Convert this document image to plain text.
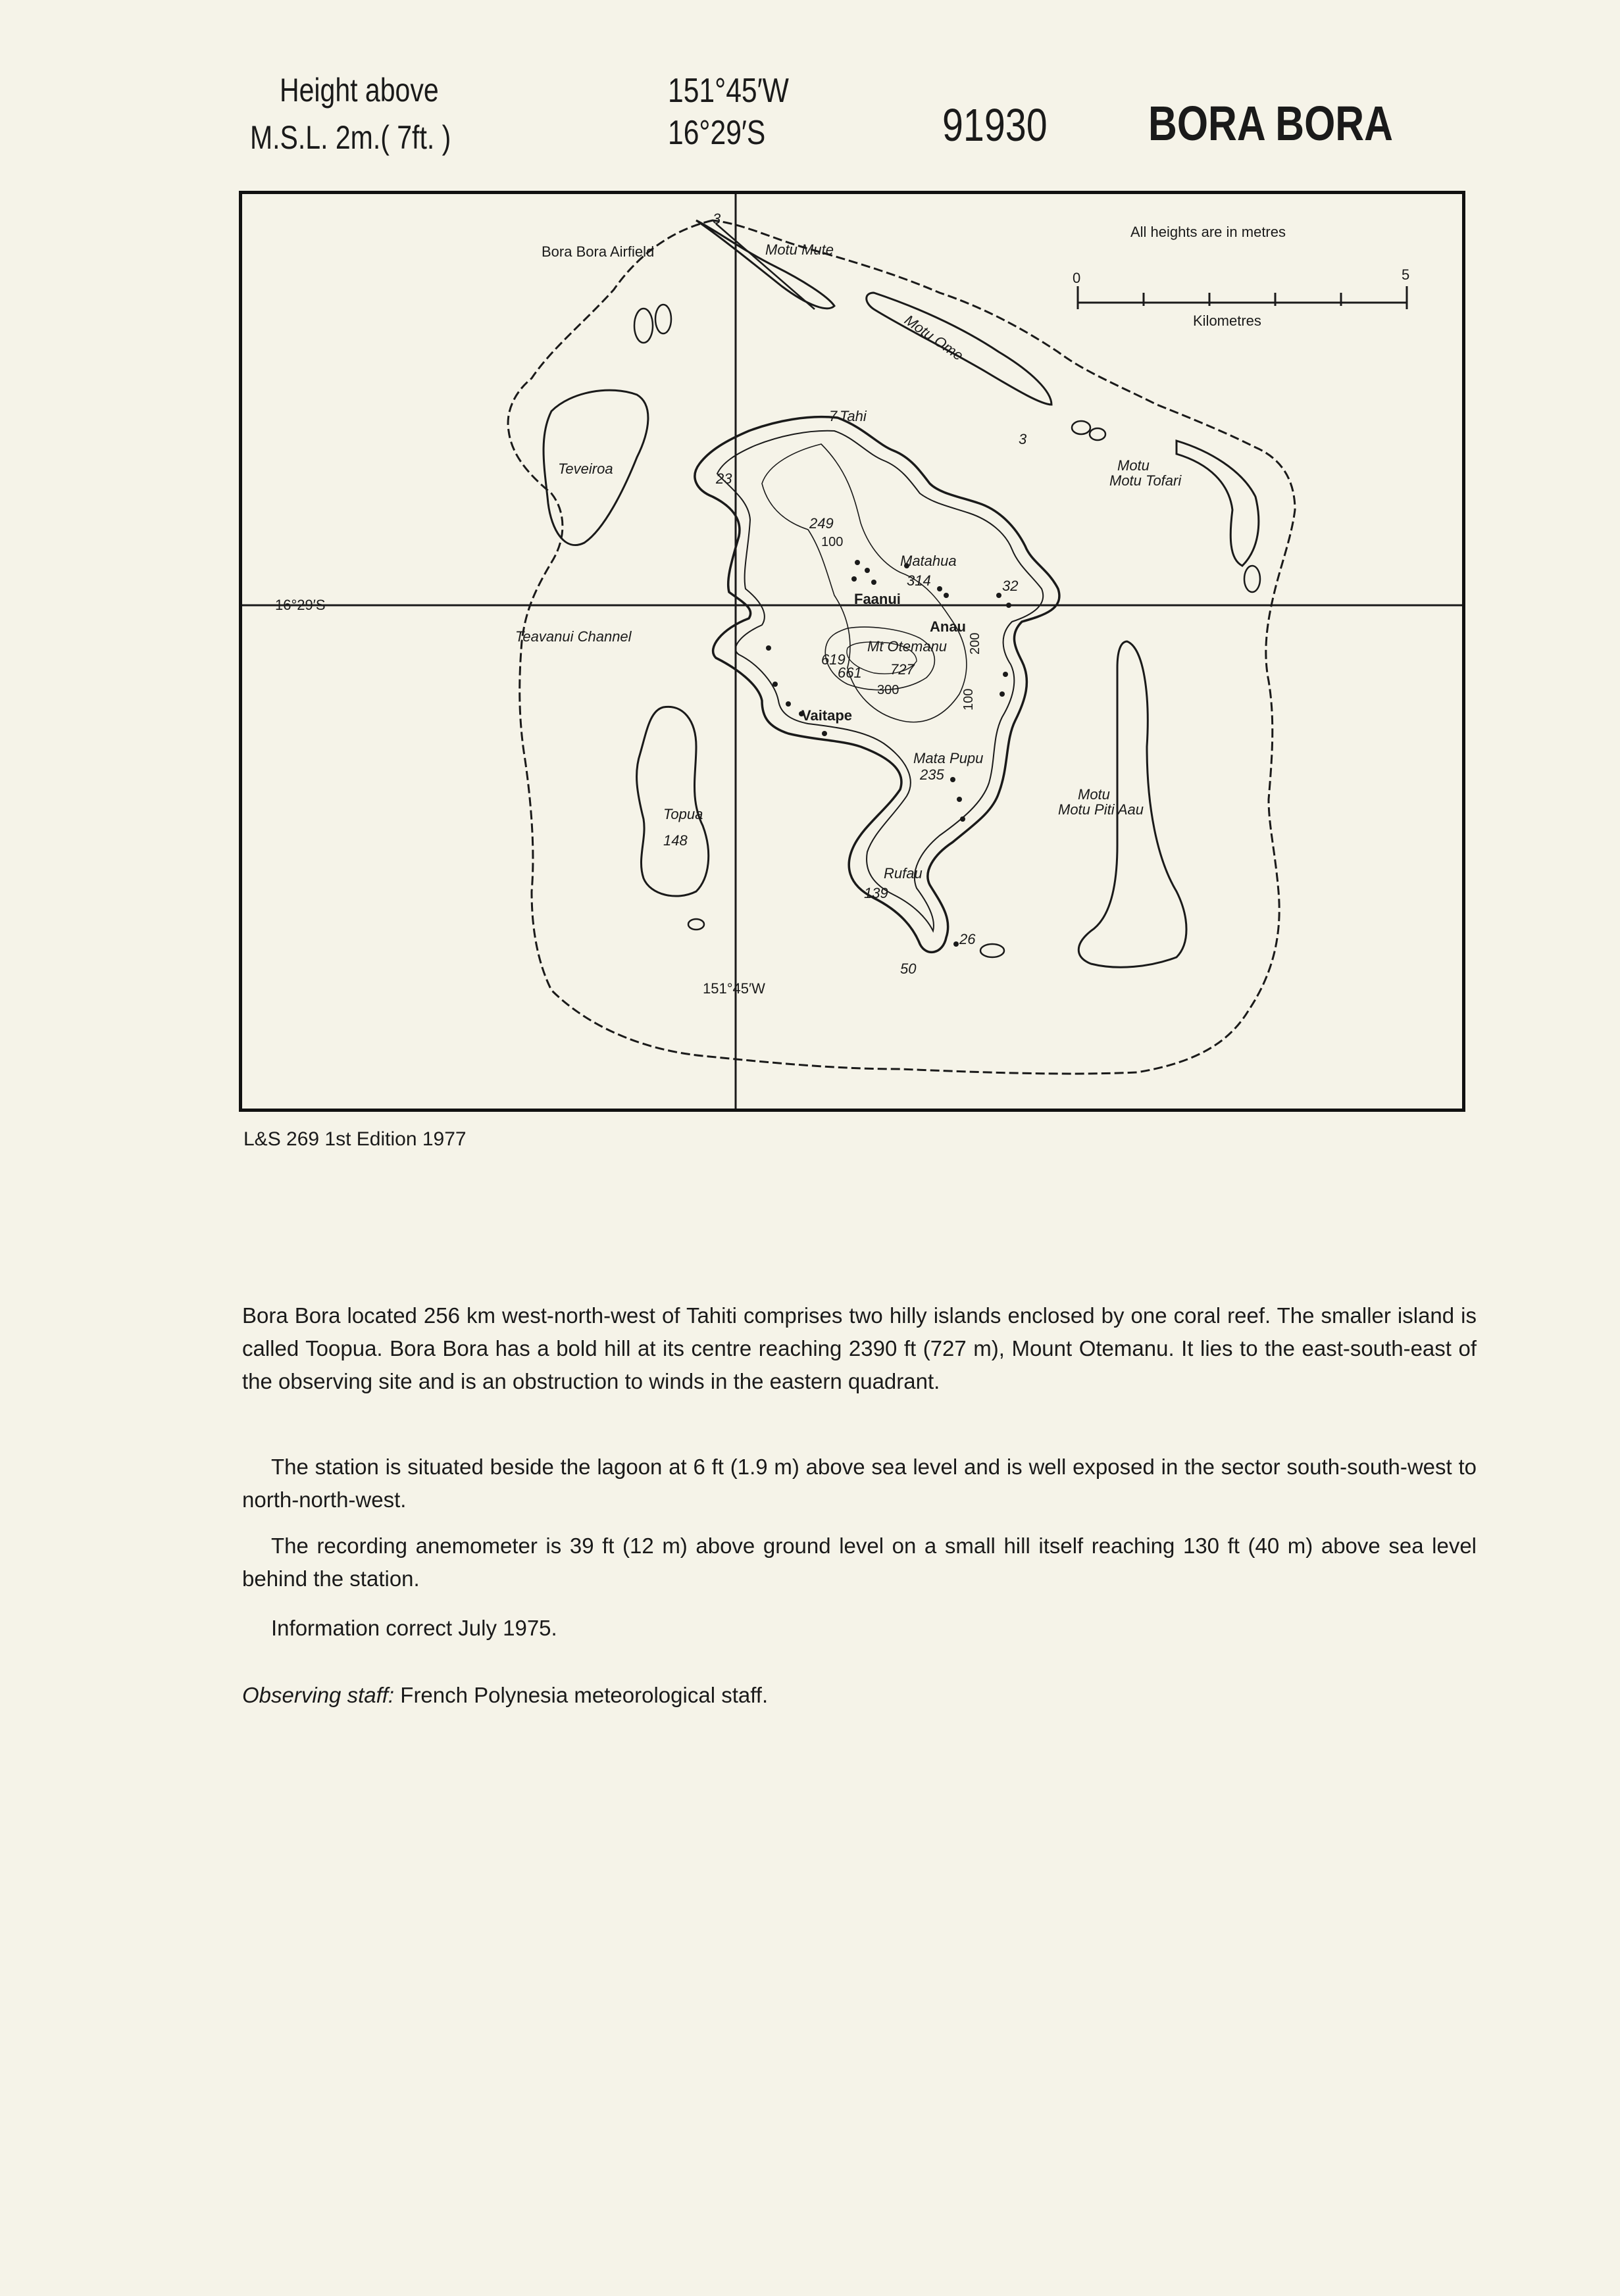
Height above
M.S.L. 2m.( 7ft. )
151°45′W
16°29′S	91930 BORA BORA
All heights are in metres
0	5
Kilometres
16°29′S
151°45′W
Bora Bora Airfield	Motu Mute
Motu Ome
Motu
Motu Tofari
Teveiroa
Tahi
Matahua
Faanui
Anau
Mt Otemanu
Teavanui Channel
Vaitape
Mata Pupu
Motu
Motu Piti Aau
Topua
Rufau
3
7
23
249
314	32
3
619
661 727
235
148
139
26
50
100
100
200
300
L&S 269 1st Edition 1977
Bora Bora located 256 km west-north-west of Tahiti comprises two hilly islands enclosed by one coral reef. The smaller island is called Toopua. Bora Bora has a bold hill at its centre reaching 2390 ft (727 m), Mount Otemanu. It lies to the east-south-east of the observing site and is an obstruction to winds in the eastern quadrant.
The station is situated beside the lagoon at 6 ft (1.9 m) above sea level and is well exposed in the sector south-south-west to north-north-west.
The recording anemometer is 39 ft (12 m) above ground level on a small hill itself reaching 130 ft (40 m) above sea level behind the station.
Information correct July 1975.
Observing staff: French Polynesia meteorological staff.
